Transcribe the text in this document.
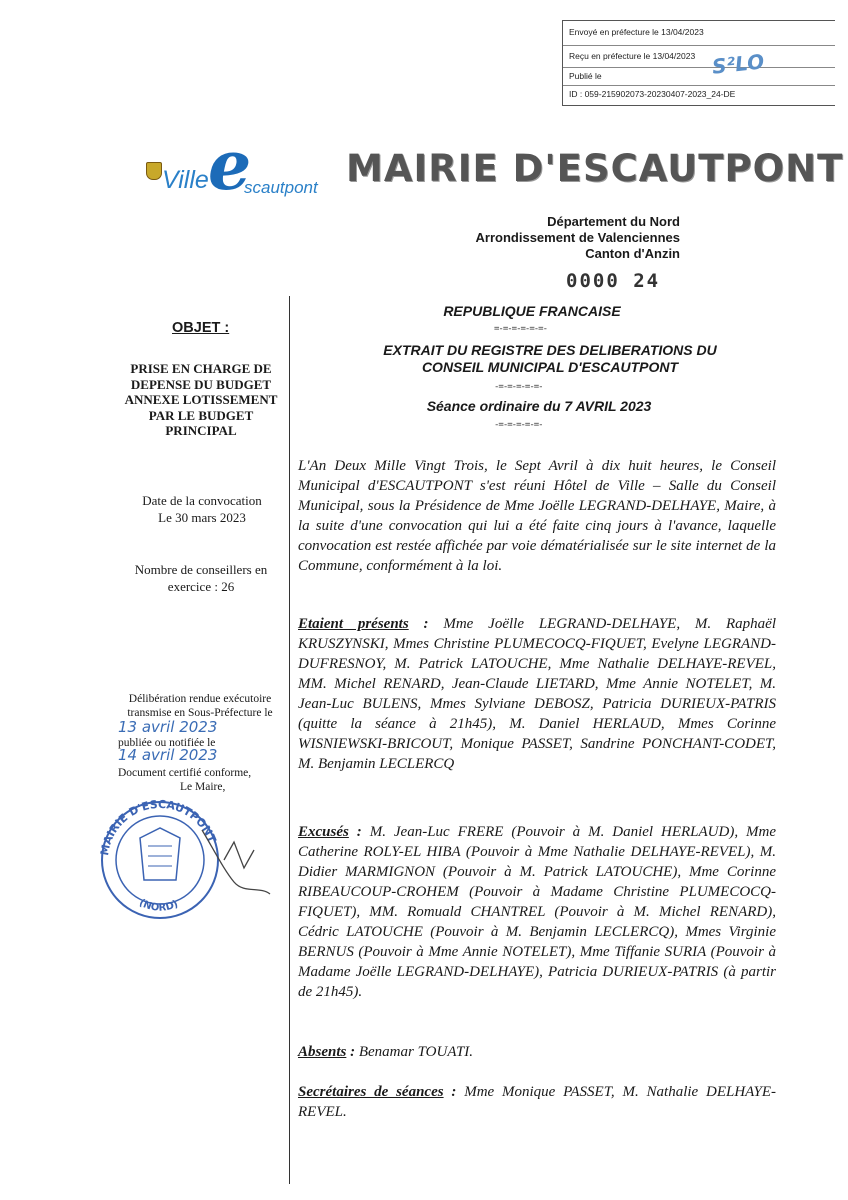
Envoyé en préfecture le 13/04/2023
Reçu en préfecture le 13/04/2023
Publié le
ID : 059-215902073-20230407-2023_24-DE
S²LO
e
Ville scautpont MAIRIE D'ESCAUTPONT
Département du Nord
Arrondissement de Valenciennes
Canton d'Anzin
0000 24
OBJET :
PRISE EN CHARGE DE DEPENSE DU BUDGET ANNEXE LOTISSEMENT PAR LE BUDGET PRINCIPAL
Date de la convocation
Le 30 mars 2023
Nombre de conseillers en
exercice : 26
Délibération rendue exécutoire
transmise en Sous-Préfecture le
13 avril 2023
publiée ou notifiée le
14 avril 2023
Document certifié conforme,
Le Maire,
MAIRIE D'ESCAUTPONT
(NORD)
REPUBLIQUE FRANCAISE
=-=-=-=-=-=-
EXTRAIT DU REGISTRE DES DELIBERATIONS DU
CONSEIL MUNICIPAL D'ESCAUTPONT
-=-=-=-=-=-
Séance ordinaire du 7 AVRIL 2023
-=-=-=-=-=-
L'An Deux Mille Vingt Trois, le Sept Avril à dix huit heures, le Conseil Municipal d'ESCAUTPONT s'est réuni Hôtel de Ville – Salle du Conseil Municipal, sous la Présidence de Mme Joëlle LEGRAND-DELHAYE, Maire, à la suite d'une convocation qui lui a été faite cinq jours à l'avance, laquelle convocation est restée affichée par voie dématérialisée sur le site internet de la Commune, conformément à la loi.
Etaient présents : Mme Joëlle LEGRAND-DELHAYE, M. Raphaël KRUSZYNSKI, Mmes Christine PLUMECOCQ-FIQUET, Evelyne LEGRAND-DUFRESNOY, M. Patrick LATOUCHE, Mme Nathalie DELHAYE-REVEL, MM. Michel RENARD, Jean-Claude LIETARD, Mme Annie NOTELET, M. Jean-Luc BULENS, Mmes Sylviane DEBOSZ, Patricia DURIEUX-PATRIS (quitte la séance à 21h45), M. Daniel HERLAUD, Mmes Corinne WISNIEWSKI-BRICOUT, Monique PASSET, Sandrine PONCHANT-CODET, M. Benjamin LECLERCQ
Excusés : M. Jean-Luc FRERE (Pouvoir à M. Daniel HERLAUD), Mme Catherine ROLY-EL HIBA (Pouvoir à Mme Nathalie DELHAYE-REVEL), M. Didier MARMIGNON (Pouvoir à M. Patrick LATOUCHE), Mme Corinne RIBEAUCOUP-CROHEM (Pouvoir à Madame Christine PLUMECOCQ-FIQUET), MM. Romuald CHANTREL (Pouvoir à M. Michel RENARD), Cédric LATOUCHE (Pouvoir à M. Benjamin LECLERCQ), Mmes Virginie BERNUS (Pouvoir à Mme Annie NOTELET), Mme Tiffanie SURIA (Pouvoir à Madame Joëlle LEGRAND-DELHAYE), Patricia DURIEUX-PATRIS (à partir de 21h45).
Absents : Benamar TOUATI.
Secrétaires de séances : Mme Monique PASSET, M. Nathalie DELHAYE-REVEL.
